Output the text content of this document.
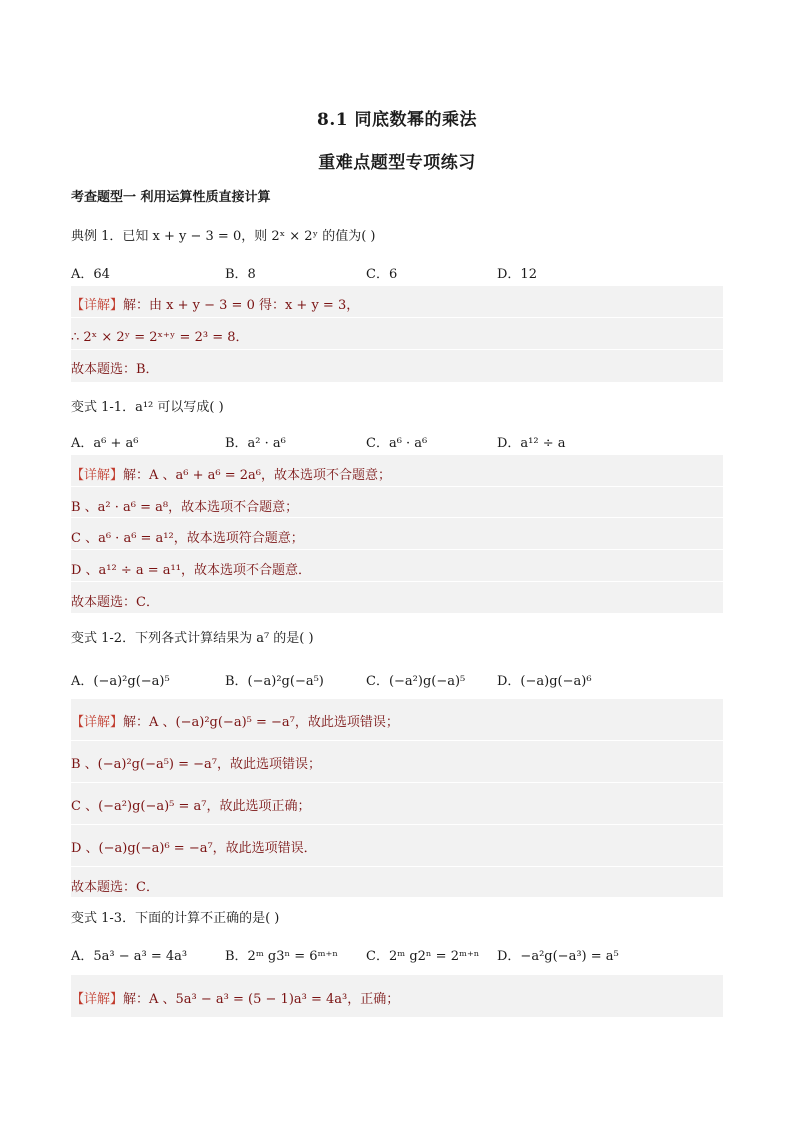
8.1 同底数幂的乘法
重难点题型专项练习
考查题型一 利用运算性质直接计算
典例 1．已知 x + y − 3 = 0，则 2ˣ × 2ʸ 的值为( )
A．64	B．8	C．6	D．12
【详解】解：由 x + y − 3 = 0 得：x + y = 3，
∴ 2ˣ × 2ʸ = 2ˣ⁺ʸ = 2³ = 8．
故本题选：B．
变式 1-1．a¹² 可以写成( )
A．a⁶ + a⁶	B．a² · a⁶	C．a⁶ · a⁶	D．a¹² ÷ a
【详解】解：A 、a⁶ + a⁶ = 2a⁶，故本选项不合题意；
B 、a² · a⁶ = a⁸，故本选项不合题意；
C 、a⁶ · a⁶ = a¹²，故本选项符合题意；
D 、a¹² ÷ a = a¹¹，故本选项不合题意．
故本题选：C．
变式 1-2．下列各式计算结果为 a⁷ 的是( )
A．(−a)²g(−a)⁵	B．(−a)²g(−a⁵)	C．(−a²)g(−a)⁵ D．(−a)g(−a)⁶
【详解】解：A 、(−a)²g(−a)⁵ = −a⁷，故此选项错误；
B 、(−a)²g(−a⁵) = −a⁷，故此选项错误；
C 、(−a²)g(−a)⁵ = a⁷，故此选项正确；
D 、(−a)g(−a)⁶ = −a⁷，故此选项错误．
故本题选：C．
变式 1-3．下面的计算不正确的是( )
A．5a³ − a³ = 4a³	B．2ᵐ g3ⁿ = 6ᵐ⁺ⁿ C．2ᵐ g2ⁿ = 2ᵐ⁺ⁿ D．−a²g(−a³) = a⁵
【详解】解：A 、5a³ − a³ = (5 − 1)a³ = 4a³，正确；
